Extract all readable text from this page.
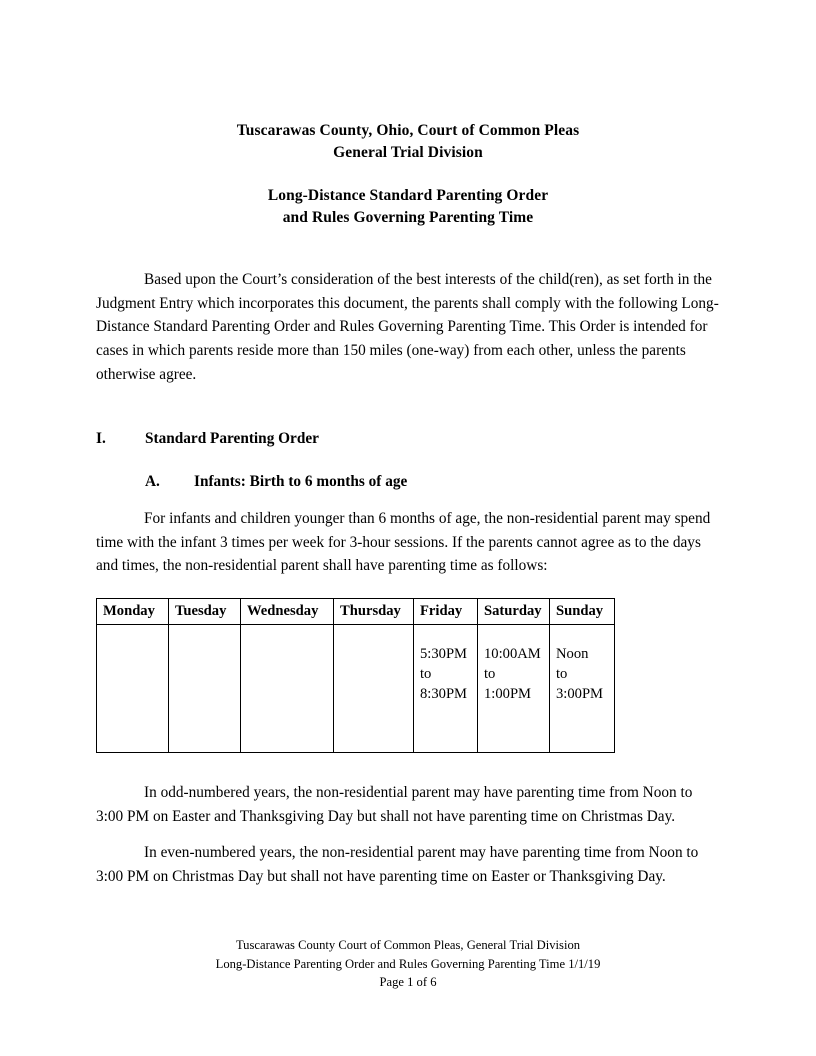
Tuscarawas County, Ohio, Court of Common Pleas
General Trial Division
Long-Distance Standard Parenting Order
and Rules Governing Parenting Time

Based upon the Court’s consideration of the best interests of the child(ren), as set forth in the Judgment Entry which incorporates this document, the parents shall comply with the following Long-Distance Standard Parenting Order and Rules Governing Parenting Time. This Order is intended for cases in which parents reside more than 150 miles (one-way) from each other, unless the parents otherwise agree.

I.	Standard Parenting Order
A.	Infants: Birth to 6 months of age

For infants and children younger than 6 months of age, the non-residential parent may spend time with the infant 3 times per week for 3-hour sessions. If the parents cannot agree as to the days and times, the non-residential parent shall have parenting time as follows:

Monday	Tuesday	Wednesday	Thursday	Friday	Saturday	Sunday

				5:30PM
to
8:30PM	10:00AM
to
1:00PM	Noon
to
3:00PM

In odd-numbered years, the non-residential parent may have parenting time from Noon to 3:00 PM on Easter and Thanksgiving Day but shall not have parenting time on Christmas Day.

In even-numbered years, the non-residential parent may have parenting time from Noon to 3:00 PM on Christmas Day but shall not have parenting time on Easter or Thanksgiving Day.

Tuscarawas County Court of Common Pleas, General Trial Division
Long-Distance Parenting Order and Rules Governing Parenting Time 1/1/19
Page 1 of 6
